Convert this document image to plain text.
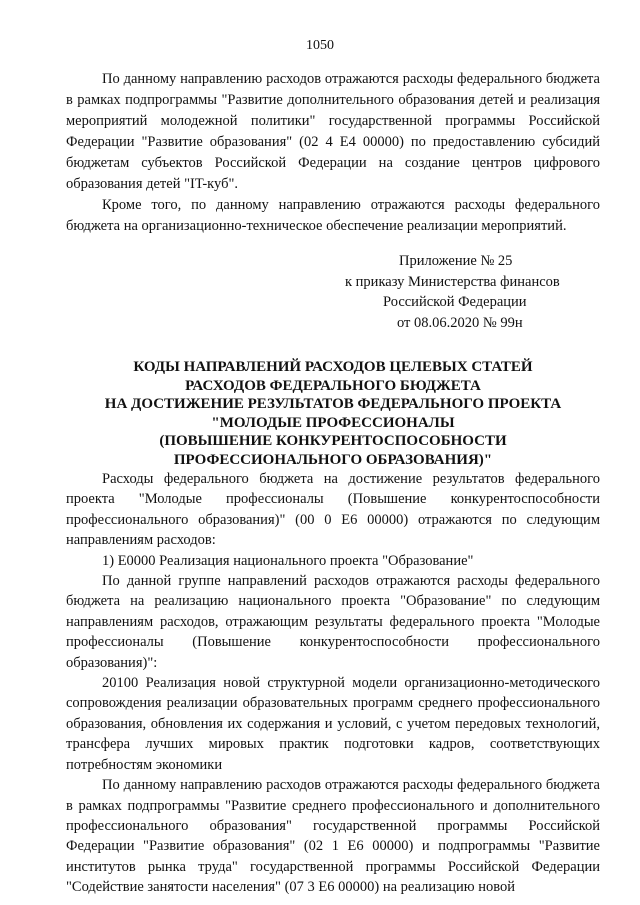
1050

По данному направлению расходов отражаются расходы федерального бюджета в рамках подпрограммы "Развитие дополнительного образования детей и реализация мероприятий молодежной политики" государственной программы Российской Федерации "Развитие образования" (02 4 Е4 00000) по предоставлению субсидий бюджетам субъектов Российской Федерации на создание центров цифрового образования детей "IT-куб".

Кроме того, по данному направлению отражаются расходы федерального бюджета на организационно-техническое обеспечение реализации мероприятий.

Приложение № 25
к приказу Министерства финансов
Российской Федерации
от 08.06.2020 № 99н
КОДЫ НАПРАВЛЕНИЙ РАСХОДОВ ЦЕЛЕВЫХ СТАТЕЙ
РАСХОДОВ ФЕДЕРАЛЬНОГО БЮДЖЕТА
НА ДОСТИЖЕНИЕ РЕЗУЛЬТАТОВ ФЕДЕРАЛЬНОГО ПРОЕКТА
"МОЛОДЫЕ ПРОФЕССИОНАЛЫ
(ПОВЫШЕНИЕ КОНКУРЕНТОСПОСОБНОСТИ
ПРОФЕССИОНАЛЬНОГО ОБРАЗОВАНИЯ)"

Расходы федерального бюджета на достижение результатов федерального проекта "Молодые профессионалы (Повышение конкурентоспособности профессионального образования)" (00 0 Е6 00000) отражаются по следующим направлениям расходов:

1) Е0000 Реализация национального проекта "Образование"

По данной группе направлений расходов отражаются расходы федерального бюджета на реализацию национального проекта "Образование" по следующим направлениям расходов, отражающим результаты федерального проекта "Молодые профессионалы (Повышение конкурентоспособности профессионального образования)":

20100 Реализация новой структурной модели организационно-методического сопровождения реализации образовательных программ среднего профессионального образования, обновления их содержания и условий, с учетом передовых технологий, трансфера лучших мировых практик подготовки кадров, соответствующих потребностям экономики

По данному направлению расходов отражаются расходы федерального бюджета в рамках подпрограммы "Развитие среднего профессионального и дополнительного профессионального образования" государственной программы Российской Федерации "Развитие образования" (02 1 Е6 00000) и подпрограммы "Развитие институтов рынка труда" государственной программы Российской Федерации "Содействие занятости населения" (07 3 Е6 00000) на реализацию новой
